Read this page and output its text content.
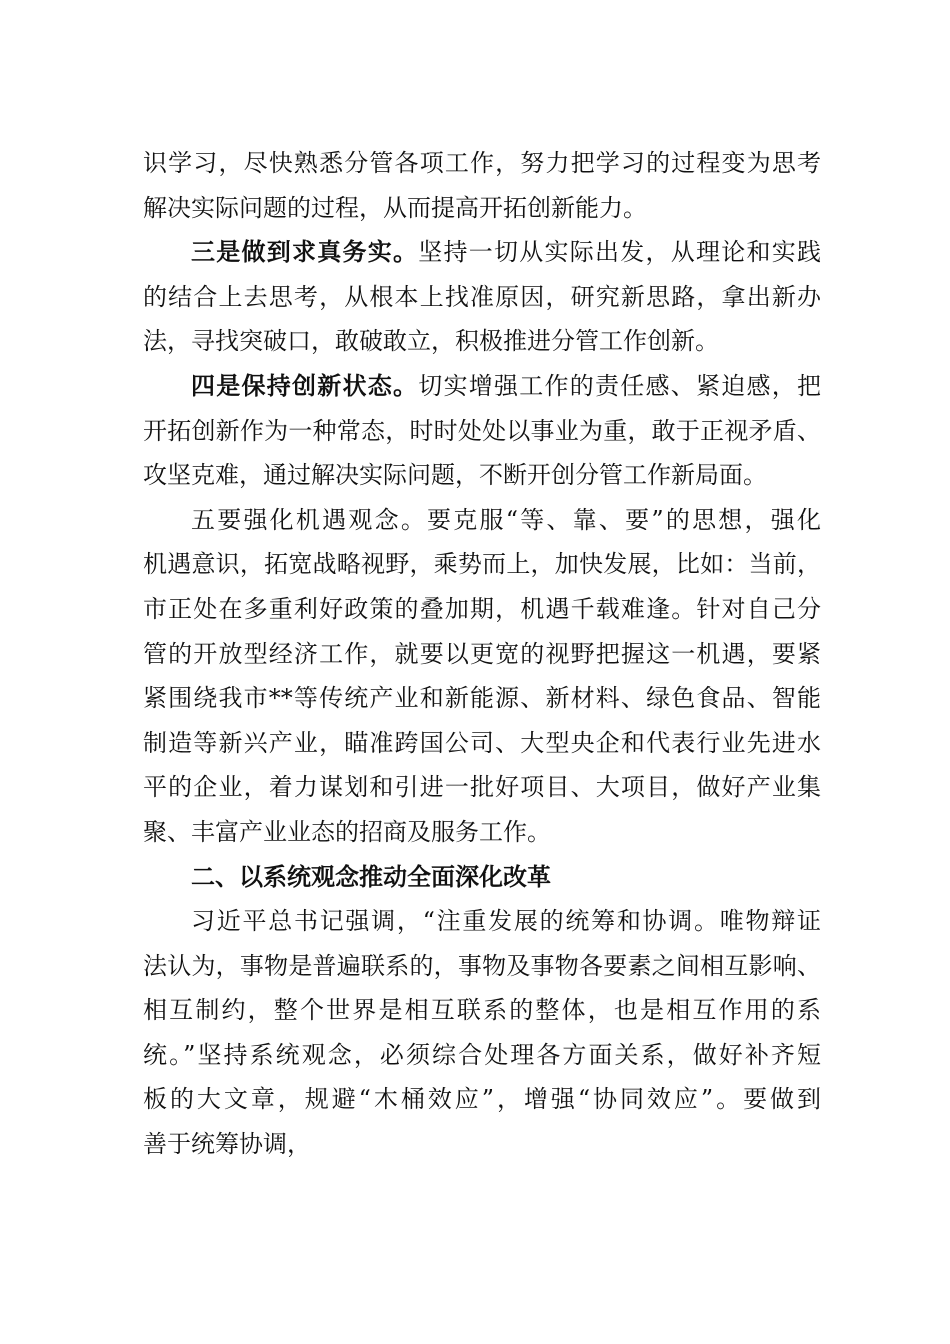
识学习，尽快熟悉分管各项工作，努力把学习的过程变为思考
解决实际问题的过程，从而提高开拓创新能力。
三是做到求真务实。坚持一切从实际出发，从理论和实践
的结合上去思考，从根本上找准原因，研究新思路，拿出新办
法，寻找突破口，敢破敢立，积极推进分管工作创新。
四是保持创新状态。切实增强工作的责任感、紧迫感，把
开拓创新作为一种常态，时时处处以事业为重，敢于正视矛盾、
攻坚克难，通过解决实际问题，不断开创分管工作新局面。
五要强化机遇观念。要克服“等、靠、要”的思想，强化
机遇意识，拓宽战略视野，乘势而上，加快发展，比如：当前，
市正处在多重利好政策的叠加期，机遇千载难逢。针对自己分
管的开放型经济工作，就要以更宽的视野把握这一机遇，要紧
紧围绕我市**等传统产业和新能源、新材料、绿色食品、智能
制造等新兴产业，瞄准跨国公司、大型央企和代表行业先进水
平的企业，着力谋划和引进一批好项目、大项目，做好产业集
聚、丰富产业业态的招商及服务工作。
二、以系统观念推动全面深化改革
习近平总书记强调，“注重发展的统筹和协调。唯物辩证
法认为，事物是普遍联系的，事物及事物各要素之间相互影响、
相互制约，整个世界是相互联系的整体，也是相互作用的系
统。”坚持系统观念，必须综合处理各方面关系，做好补齐短
板的大文章，规避“木桶效应”，增强“协同效应”。要做到
善于统筹协调，
